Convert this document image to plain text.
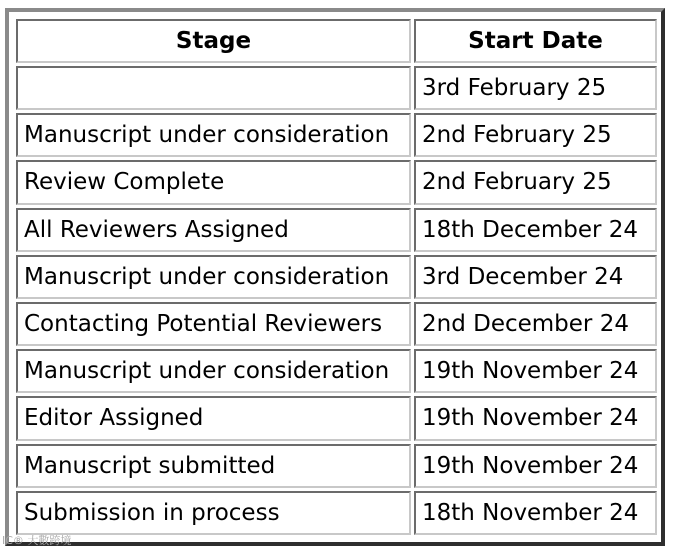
Stage	Start Date
	3rd February 25
Manuscript under consideration	2nd February 25
Review Complete	2nd February 25
All Reviewers Assigned	18th December 24
Manuscript under consideration	3rd December 24
Contacting Potential Reviewers	2nd December 24
Manuscript under consideration	19th November 24
Editor Assigned	19th November 24
Manuscript submitted	19th November 24
Submission in process	18th November 24
IC® 大數跨境
